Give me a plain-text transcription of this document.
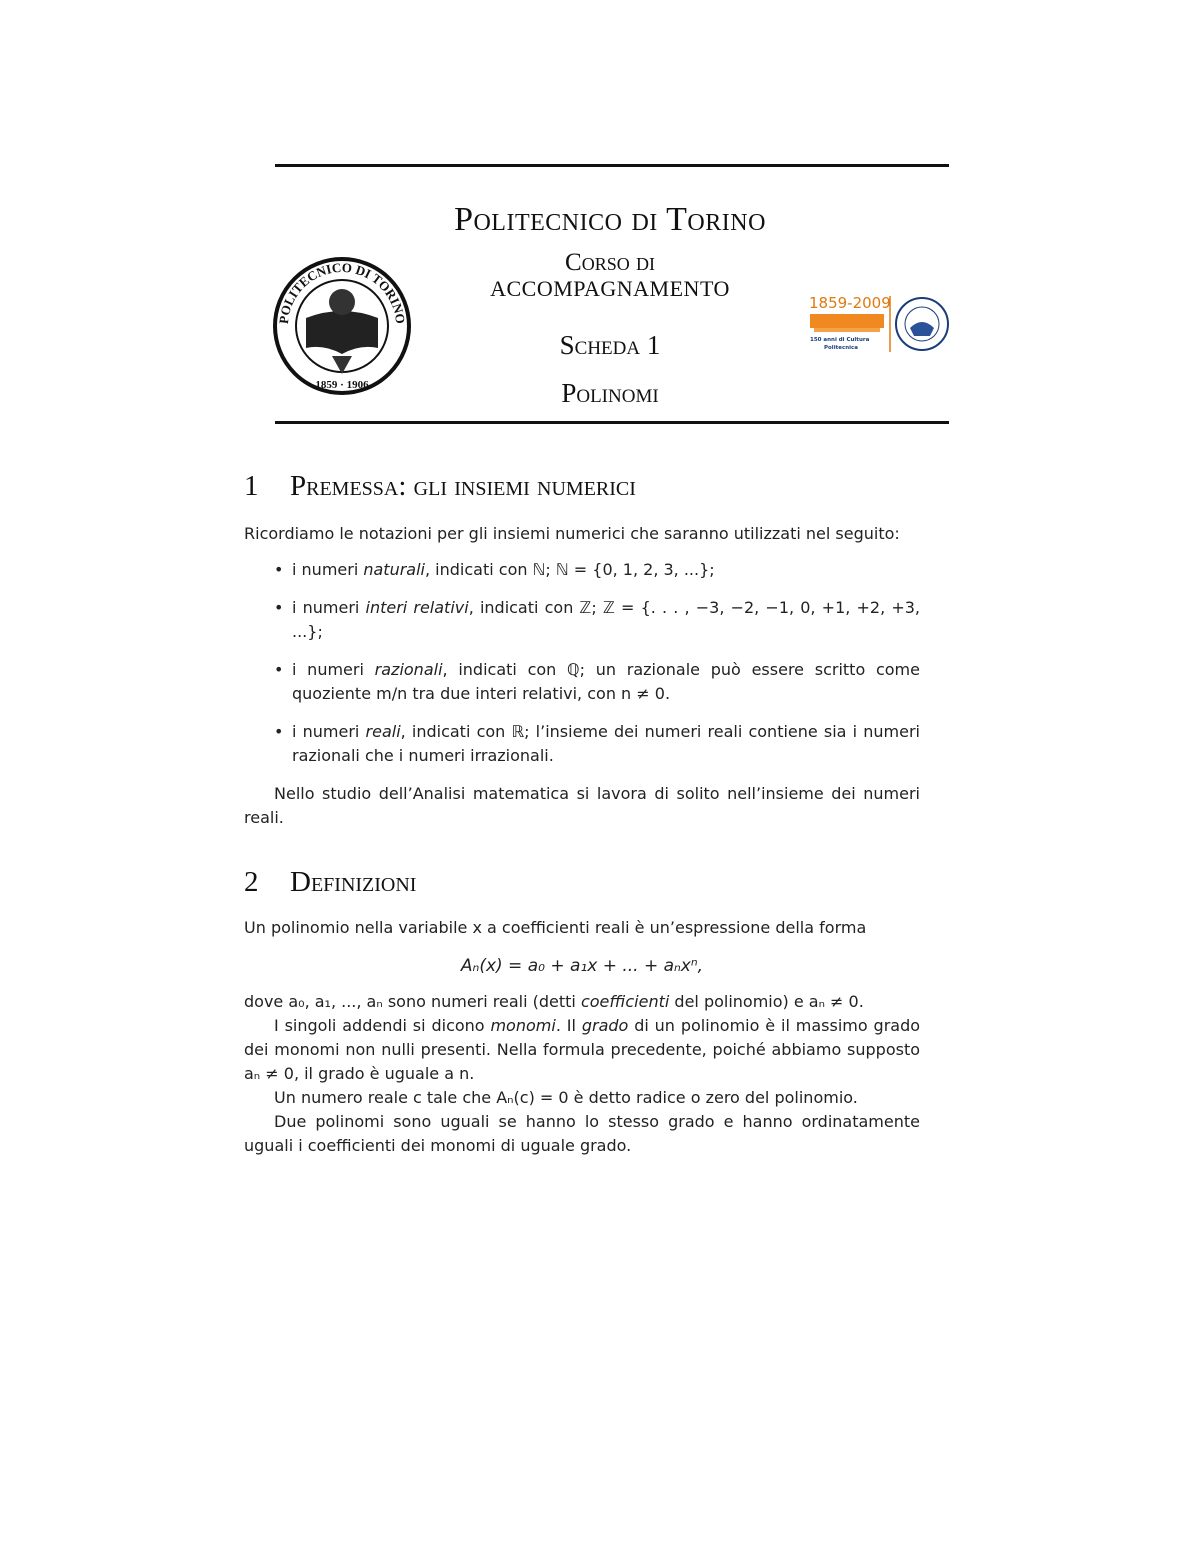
POLITECNICO DI TORINO
1859 · 1906
Politecnico di Torino
Corso di
ACCOMPAGNAMENTO
Scheda 1
Polinomi
1859-2009
150 anni di Cultura Politecnica
1 Premessa: gli insiemi numerici
Ricordiamo le notazioni per gli insiemi numerici che saranno utilizzati nel seguito:
• i numeri naturali, indicati con ℕ; ℕ = {0, 1, 2, 3, ...};
• i numeri interi relativi, indicati con ℤ; ℤ = {. . . , −3, −2, −1, 0, +1, +2, +3, ...};
• i numeri razionali, indicati con ℚ; un razionale può essere scritto come quoziente m/n tra due interi relativi, con n ≠ 0.
• i numeri reali, indicati con ℝ; l’insieme dei numeri reali contiene sia i numeri razionali che i numeri irrazionali.
Nello studio dell’Analisi matematica si lavora di solito nell’insieme dei numeri reali.
2 Definizioni
Un polinomio nella variabile x a coefficienti reali è un’espressione della forma
Aₙ(x) = a₀ + a₁x + ... + aₙxⁿ,
dove a₀, a₁, ..., aₙ sono numeri reali (detti coefficienti del polinomio) e aₙ ≠ 0.
I singoli addendi si dicono monomi. Il grado di un polinomio è il massimo grado dei monomi non nulli presenti. Nella formula precedente, poiché abbiamo supposto aₙ ≠ 0, il grado è uguale a n.
Un numero reale c tale che Aₙ(c) = 0 è detto radice o zero del polinomio.
Due polinomi sono uguali se hanno lo stesso grado e hanno ordinatamente uguali i coefficienti dei monomi di uguale grado.
